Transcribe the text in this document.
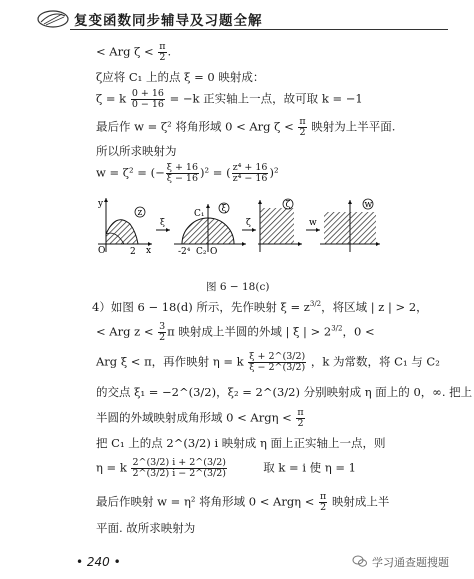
复变函数同步辅导及习题全解
< Arg $\zeta < \frac{\pi}{2}$ .
ζ应将 C₁ 上的点 ξ = 0 映射成：
ζ = k $\frac{0 + 16}{0 - 16} = -k$ 正实轴上一点，故可取 k = −1
最后作 w = ζ² 将角形域 0 < Arg $\zeta < \frac{\pi}{2}$ 映射为上半平面.
所以所求映射为
w = ζ² = (− $\frac{\xi + 16}{\xi - 16} )^2$ = ( $\frac{\text{z⁴ + 16}}{\text{z⁴ − 16}} )^2$
z
y
x
2
O
ξ
ξ
C₁
-2⁴ C₂ O
ζ
ζ
w
w
图 6 − 18(c)
4）如图 6 − 18(d) 所示，先作映射 $\xi = z^{3/2}$，将区域 | z | > 2，
< Arg $z < \frac{3}{2}$ π 映射成上半圆的外域 | ξ | > $2^{3/2}$，0 <
Arg ξ < π，再作映射 η = k $\frac{\xi + 2\^{}(3/2)}{\xi - 2\^{}(3/2)}$ ，k 为常数，将 C₁ 与 C₂
的交点 ξ₁ = −2^(3/2)，ξ₂ = 2^(3/2) 分别映射成 η 面上的 0，∞. 把上
半圆的外域映射成角形域 $0 < Arg\eta < \frac{\pi}{2}$
把 C₁ 上的点 2^(3/2) i 映射成 η 面上正实轴上一点，则
η = k $\frac{2\^{}(3/2) i + 2\^{}(3/2)}{2\^{}(3/2) i - 2\^{}(3/2)}$	取 k = i 使 η = 1
最后作映射 w = η² 将角形域 $0 < Arg\eta < \frac{\pi}{2}$ 映射成上半
平面. 故所求映射为
• 240 •	学习通查题搜题
